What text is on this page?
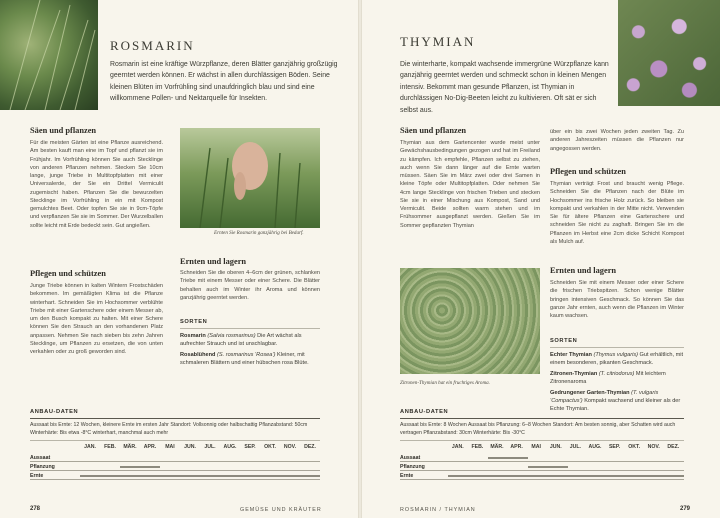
ROSMARIN
Rosmarin ist eine kräftige Würzpflanze, deren Blätter ganzjährig großzügig geerntet werden können. Er wächst in allen durchlässigen Böden. Seine kleinen Blüten im Vorfrühling sind unaufdringlich blau und sind eine willkommene Pollen- und Nektarquelle für Insekten.
Säen und pflanzen
Für die meisten Gärten ist eine Pflanze ausreichend. Am besten kauft man eine im Topf und pflanzt sie im Frühjahr. Im Vorfrühling können Sie auch Stecklinge von anderen Pflanzen nehmen. Stecken Sie 10cm lange, junge Triebe in Multitopfplatten mit einer Universalerde, der Sie ein Drittel Vermiculit zugemischt haben. Pflanzen Sie die bewurzelten Stecklinge im Vorfrühling in ein mit Kompost gemulchtes Beet. Oder topfen Sie sie in 9cm-Töpfe und verpflanzen Sie sie im Sommer. Der Wurzelballen sollte leicht mit Erde bedeckt sein. Gut angießen.
Ernten Sie Rosmarin ganzjährig bei Bedarf.
Ernten und lagern
Schneiden Sie die oberen 4–6cm der grünen, schlanken Triebe mit einem Messer oder einer Schere. Die Blätter behalten auch im Winter ihr Aroma und können ganzjährig geerntet werden.
Pflegen und schützen
Junge Triebe können in kalten Wintern Frostschäden bekommen. Im gemäßigten Klima ist die Pflanze winterhart. Schneiden Sie im Hochsommer verblühte Triebe mit einer Gartenschere oder einem Messer ab, um den Busch kompakt zu halten. Mit einer Schere können Sie den Strauch an den vorhandenen Platz anpassen. Nehmen Sie nach sieben bis zehn Jahren Stecklinge, um Pflanzen zu ersetzen, die von unten verkahlen oder zu groß geworden sind.
SORTEN
Rosmarin (Salvia rosmarinus) Die Art wächst als aufrechter Strauch und ist unschlagbar.
Rosablühend (S. rosmarinus ‘Rosea’) Kleiner, mit schmaleren Blättern und einer hübschen rosa Blüte.
ANBAU-DATEN
Aussaat bis Ernte: 12 Wochen, kleinere Ernte im ersten Jahr Standort: Vollsonnig oder halbschattig Pflanzabstand: 50cm Winterhärte: Bis etwa -8°C winterhart, manchmal auch mehr
JAN.	FEB.	MÄR.	APR.	MAI	JUN.	JUL.	AUG.	SEP.	OKT.	NOV.	DEZ.
Aussaat
Pflanzung
Ernte
278	GEMÜSE UND KRÄUTER
THYMIAN
Die winterharte, kompakt wachsende immergrüne Würzpflanze kann ganzjährig geerntet werden und schmeckt schon in kleinen Mengen intensiv. Bekommt man gesunde Pflanzen, ist Thymian in durchlässigen No-Dig-Beeten leicht zu kultivieren. Oft sät er sich selbst aus.
Säen und pflanzen
Thymian aus dem Gartencenter wurde meist unter Gewächshausbedingungen gezogen und hat im Freiland zu kämpfen. Ich empfehle, Pflanzen selbst zu ziehen, auch wenn Sie dann länger auf die Ernte warten müssen. Säen Sie im März zwei oder drei Samen in kleine Töpfe oder Multitopfplatten. Oder nehmen Sie 4cm lange Stecklinge von frischen Trieben und stecken Sie sie in einer Mischung aus Kompost, Sand und Vermiculit. Beide sollten warm stehen und im Frühsommer ausgepflanzt werden. Gießen Sie im Sommer gepflanzten Thymian
Zitronen-Thymian hat ein fruchtiges Aroma.
über ein bis zwei Wochen jeden zweiten Tag. Zu anderen Jahreszeiten müssen die Pflanzen nur angegossen werden.
Pflegen und schützen
Thymian verträgt Frost und braucht wenig Pflege. Schneiden Sie die Pflanzen nach der Blüte im Hochsommer ins frische Holz zurück. So bleiben sie kompakt und verkahlen in der Mitte nicht. Verwenden Sie für ältere Pflanzen eine Gartenschere und schneiden Sie nicht zu zaghaft. Bringen Sie im die Pflanzen im Herbst eine 2cm dicke Schicht Kompost als Mulch auf.
Ernten und lagern
Schneiden Sie mit einem Messer oder einer Schere die frischen Triebspitzen. Schon wenige Blätter bringen intensiven Geschmack. So können Sie das ganze Jahr ernten, auch wenn die Pflanzen im Winter kaum wachsen.
SORTEN
Echter Thymian (Thymus vulgaris) Gut erhältlich, mit einem besonderen, pikanten Geschmack.
Zitronen-Thymian (T. citriodorus) Mit leichtem Zitronenaroma
Gedrungener Garten-Thymian (T. vulgaris ‘Compactus’) Kompakt wachsend und kleiner als der Echte Thymian.
ANBAU-DATEN
Aussaat bis Ernte: 8 Wochen Aussaat bis Pflanzung: 6–8 Wochen Standort: Am besten sonnig, aber Schatten wird auch vertragen Pflanzabstand: 30cm Winterhärte: Bis -30°C
JAN.	FEB.	MÄR.	APR.	MAI	JUN.	JUL.	AUG.	SEP.	OKT.	NOV.	DEZ.
Aussaat
Pflanzung
Ernte
ROSMARIN / THYMIAN	279
